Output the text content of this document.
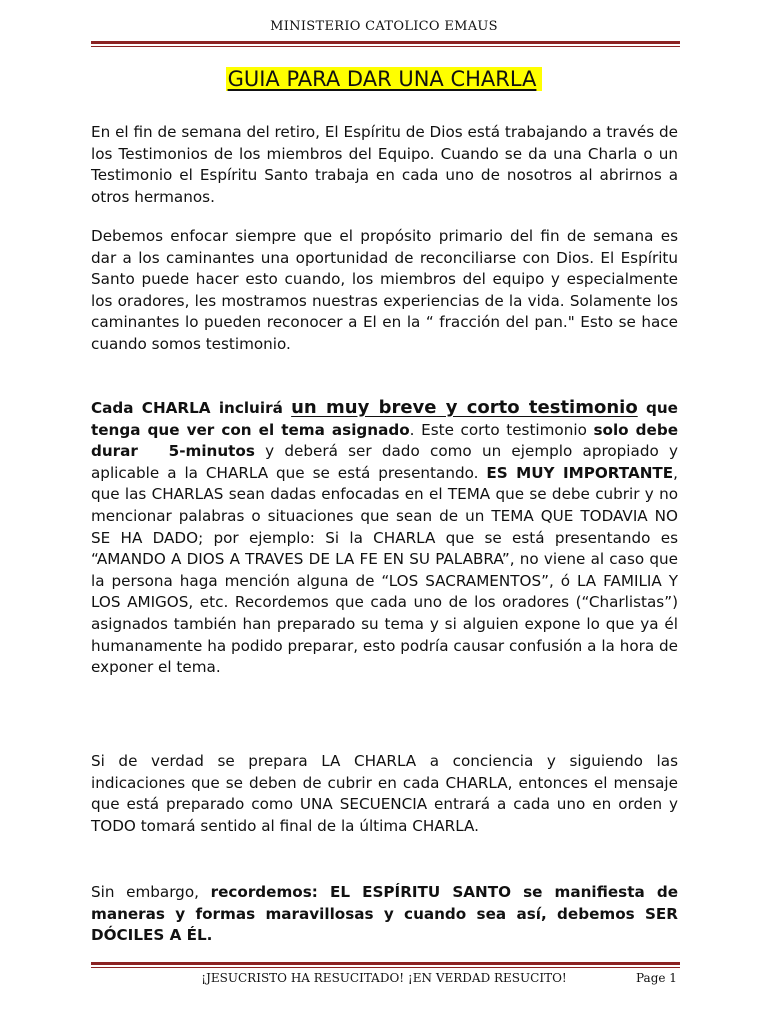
MINISTERIO CATOLICO EMAUS
GUIA PARA DAR UNA CHARLA

En el fin de semana del retiro, El Espíritu de Dios está trabajando a través de los Testimonios de los miembros del Equipo. Cuando se da una Charla o un Testimonio el Espíritu Santo trabaja en cada uno de nosotros al abrirnos a otros hermanos.

Debemos enfocar siempre que el propósito primario del fin de semana es dar a los caminantes una oportunidad de reconciliarse con Dios. El Espíritu Santo puede hacer esto cuando, los miembros del equipo y especialmente los oradores, les mostramos nuestras experiencias de la vida. Solamente los caminantes lo pueden reconocer a El en la “ fracción del pan." Esto se hace cuando somos testimonio.

Cada CHARLA incluirá un muy breve y corto testimonio que tenga que ver con el tema asignado. Este corto testimonio solo debe durar 5-minutos y deberá ser dado como un ejemplo apropiado y aplicable a la CHARLA que se está presentando. ES MUY IMPORTANTE, que las CHARLAS sean dadas enfocadas en el TEMA que se debe cubrir y no mencionar palabras o situaciones que sean de un TEMA QUE TODAVIA NO SE HA DADO; por ejemplo: Si la CHARLA que se está presentando es “AMANDO A DIOS A TRAVES DE LA FE EN SU PALABRA”, no viene al caso que la persona haga mención alguna de “LOS SACRAMENTOS”, ó LA FAMILIA Y LOS AMIGOS, etc. Recordemos que cada uno de los oradores (“Charlistas”) asignados también han preparado su tema y si alguien expone lo que ya él humanamente ha podido preparar, esto podría causar confusión a la hora de exponer el tema.

Si de verdad se prepara LA CHARLA a conciencia y siguiendo las indicaciones que se deben de cubrir en cada CHARLA, entonces el mensaje que está preparado como UNA SECUENCIA entrará a cada uno en orden y TODO tomará sentido al final de la última CHARLA.

Sin embargo, recordemos: EL ESPÍRITU SANTO se manifiesta de maneras y formas maravillosas y cuando sea así, debemos SER DÓCILES A ÉL.

¡JESUCRISTO HA RESUCITADO! ¡EN VERDAD RESUCITO!	Page 1
